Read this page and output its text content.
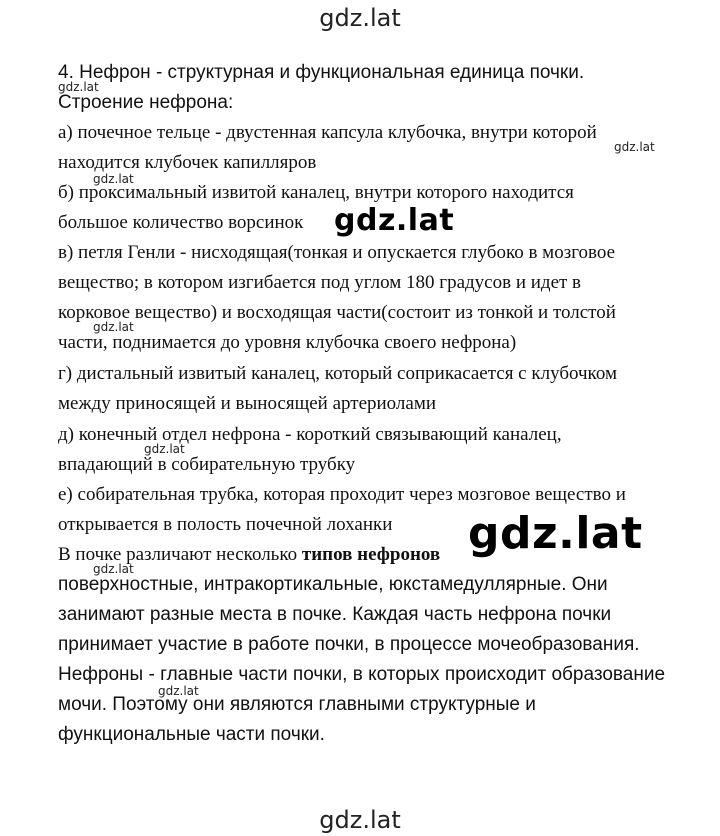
gdz.lat
4. Нефрон - структурная и функциональная единица почки.
gdz.lat
Строение нефрона:
а) почечное тельце - двустенная капсула клубочка, внутри которой
gdz.lat
находится клубочек капилляров
gdz.lat
б) проксимальный извитой каналец, внутри которого находится
большое количество ворсинок gdz.lat
в) петля Генли - нисходящая(тонкая и опускается глубоко в мозговое
вещество; в котором изгибается под углом 180 градусов и идет в
корковое вещество) и восходящая части(состоит из тонкой и толстой
gdz.lat
части, поднимается до уровня клубочка своего нефрона)
г) дистальный извитый каналец, который соприкасается с клубочком
между приносящей и выносящей артериолами
д) конечный отдел нефрона - короткий связывающий каналец,
gdz.lat
впадающий в собирательную трубку
е) собирательная трубка, которая проходит через мозговое вещество и
открывается в полость почечной лоханки gdz.lat
В почке различают несколько типов нефронов
gdz.lat
поверхностные, интракортикальные, юкстамедуллярные. Они
занимают разные места в почке. Каждая часть нефрона почки
принимает участие в работе почки, в процессе мочеобразования.
Нефроны - главные части почки, в которых происходит образование
gdz.lat
мочи. Поэтому они являются главными структурные и
функциональные части почки.
gdz.lat
